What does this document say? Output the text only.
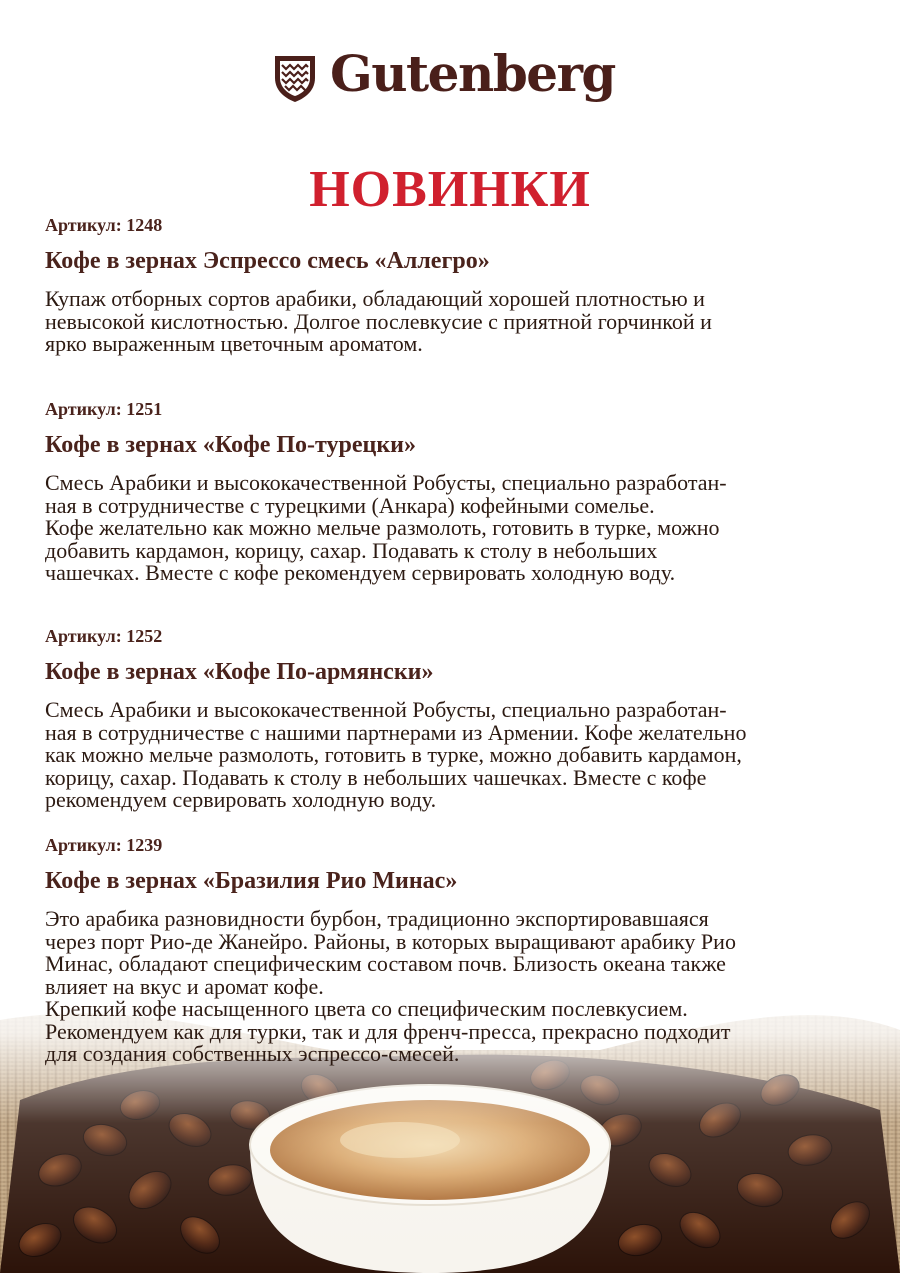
Gutenberg
НОВИНКИ
Артикул: 1248
Кофе в зернах Эспрессо смесь «Аллегро»
Купаж отборных сортов арабики, обладающий хорошей плотностью и
невысокой кислотностью. Долгое послевкусие с приятной горчинкой и
ярко выраженным цветочным ароматом.
Артикул: 1251
Кофе в зернах «Кофе По-турецки»
Смесь Арабики и высококачественной Робусты, специально разработан-
ная в сотрудничестве с турецкими (Анкара) кофейными сомелье.
Кофе желательно как можно мельче размолоть, готовить в турке, можно
добавить кардамон, корицу, сахар. Подавать к столу в небольших
чашечках. Вместе с кофе рекомендуем сервировать холодную воду.
Артикул: 1252
Кофе в зернах «Кофе По-армянски»
Смесь Арабики и высококачественной Робусты, специально разработан-
ная в сотрудничестве с нашими партнерами из Армении. Кофе желательно
как можно мельче размолоть, готовить в турке, можно добавить кардамон,
корицу, сахар. Подавать к столу в небольших чашечках. Вместе с кофе
рекомендуем сервировать холодную воду.
Артикул: 1239
Кофе в зернах «Бразилия Рио Минас»
Это арабика разновидности бурбон, традиционно экспортировавшаяся
через порт Рио-де Жанейро. Районы, в которых выращивают арабику Рио
Минас, обладают специфическим составом почв. Близость океана также
влияет на вкус и аромат кофе.
Крепкий кофе насыщенного цвета со специфическим послевкусием.
Рекомендуем как для турки, так и для френч-пресса, прекрасно подходит
для создания собственных эспрессо-смесей.
